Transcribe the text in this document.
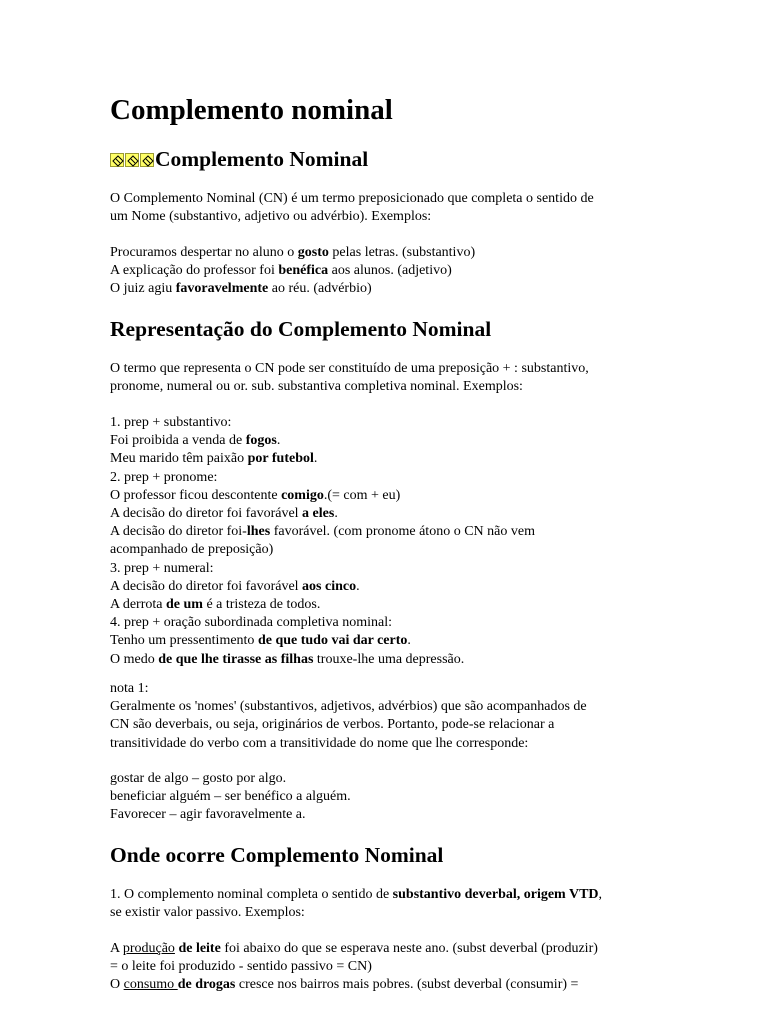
Complemento nominal
Complemento Nominal
O Complemento Nominal (CN) é um termo preposicionado que completa o sentido de
um Nome (substantivo, adjetivo ou advérbio). Exemplos:
Procuramos despertar no aluno o gosto pelas letras. (substantivo)
A explicação do professor foi benéfica aos alunos. (adjetivo)
O juiz agiu favoravelmente ao réu. (advérbio)
Representação do Complemento Nominal
O termo que representa o CN pode ser constituído de uma preposição + : substantivo,
pronome, numeral ou or. sub. substantiva completiva nominal. Exemplos:
1. prep + substantivo:
Foi proibida a venda de fogos.
Meu marido têm paixão por futebol.
2. prep + pronome:
O professor ficou descontente comigo.(= com + eu)
A decisão do diretor foi favorável a eles.
A decisão do diretor foi-lhes favorável. (com pronome átono o CN não vem
acompanhado de preposição)
3. prep + numeral:
A decisão do diretor foi favorável aos cinco.
A derrota de um é a tristeza de todos.
4. prep + oração subordinada completiva nominal:
Tenho um pressentimento de que tudo vai dar certo.
O medo de que lhe tirasse as filhas trouxe-lhe uma depressão.
nota 1:
Geralmente os 'nomes' (substantivos, adjetivos, advérbios) que são acompanhados de
CN são deverbais, ou seja, originários de verbos. Portanto, pode-se relacionar a
transitividade do verbo com a transitividade do nome que lhe corresponde:
gostar de algo – gosto por algo.
beneficiar alguém – ser benéfico a alguém.
Favorecer – agir favoravelmente a.
Onde ocorre Complemento Nominal
1. O complemento nominal completa o sentido de substantivo deverbal, origem VTD,
se existir valor passivo. Exemplos:
A produção de leite foi abaixo do que se esperava neste ano. (subst deverbal (produzir)
= o leite foi produzido - sentido passivo = CN)
O consumo de drogas cresce nos bairros mais pobres. (subst deverbal (consumir) =
